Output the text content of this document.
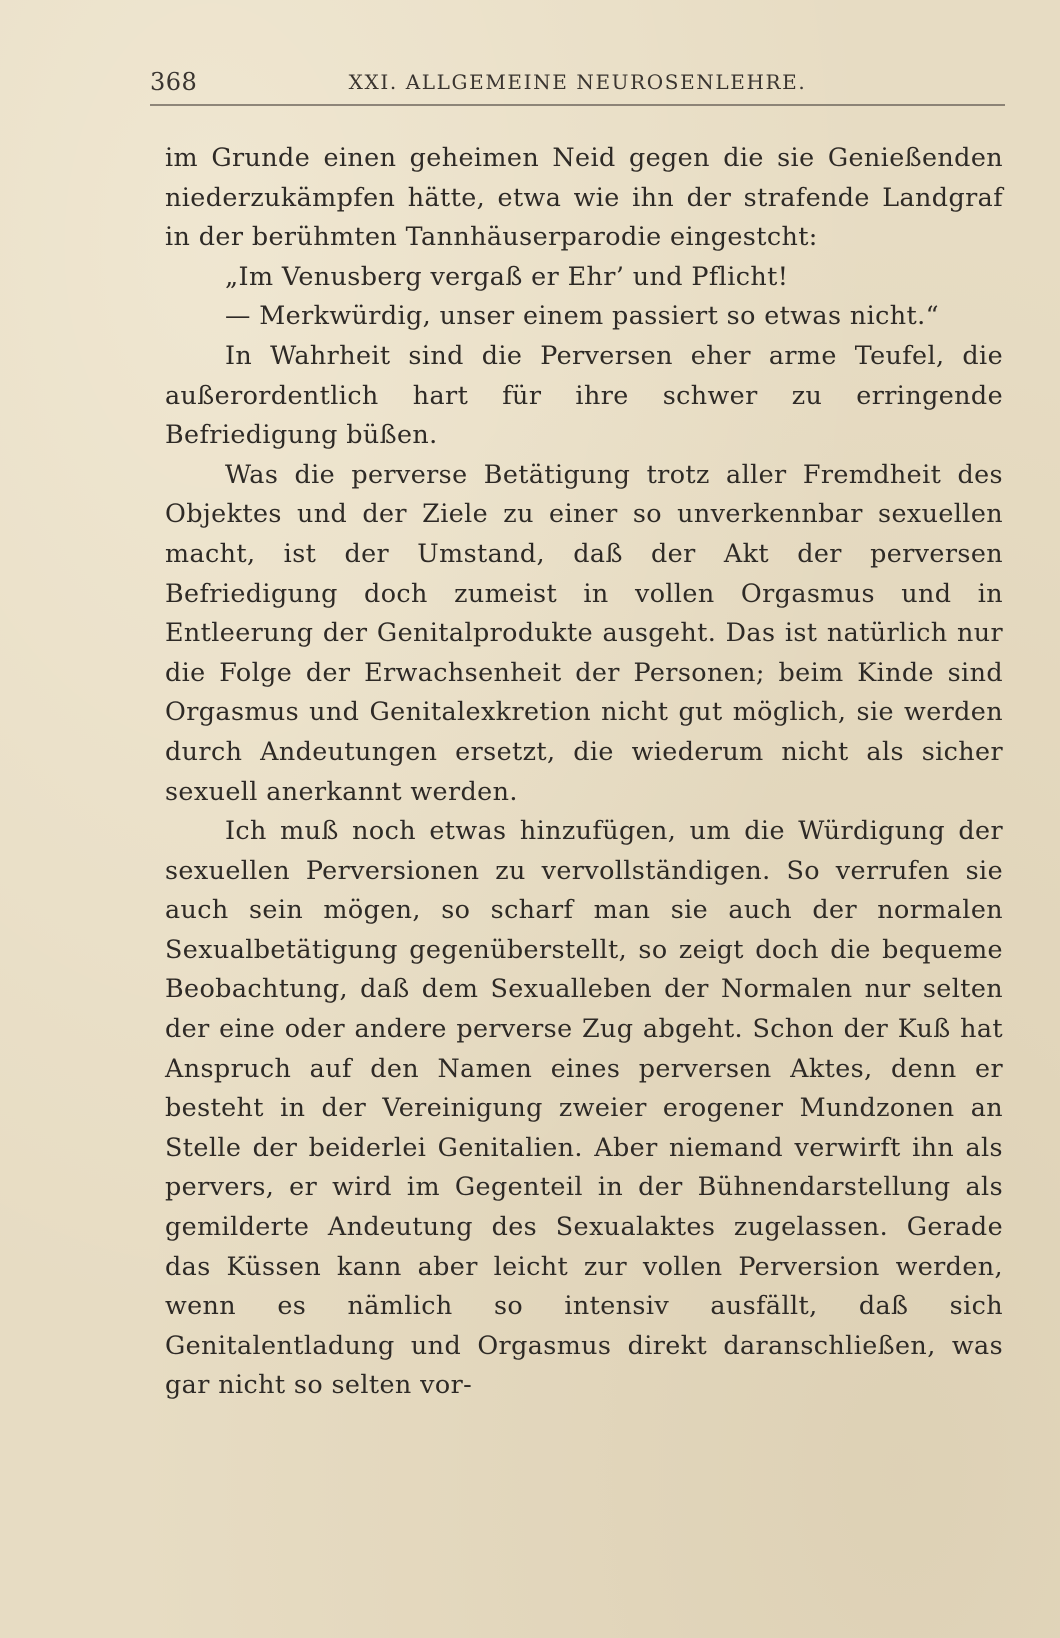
368	XXI. ALLGEMEINE NEUROSENLEHRE.

im Grunde einen geheimen Neid gegen die sie Genießenden niederzukämpfen hätte, etwa wie ihn der strafende Landgraf in der berühmten Tannhäuserparodie eingestcht:

„Im Venusberg vergaß er Ehr’ und Pflicht!

— Merkwürdig, unser einem passiert so etwas nicht.“

In Wahrheit sind die Perversen eher arme Teufel, die außerordentlich hart für ihre schwer zu erringende Befriedigung büßen.

Was die perverse Betätigung trotz aller Fremdheit des Objektes und der Ziele zu einer so unverkennbar sexuellen macht, ist der Umstand, daß der Akt der perversen Befriedigung doch zumeist in vollen Orgasmus und in Entleerung der Genitalprodukte ausgeht. Das ist natürlich nur die Folge der Erwachsenheit der Personen; beim Kinde sind Orgasmus und Genitalexkretion nicht gut möglich, sie werden durch Andeutungen ersetzt, die wiederum nicht als sicher sexuell anerkannt werden.

Ich muß noch etwas hinzufügen, um die Würdigung der sexuellen Perversionen zu vervollständigen. So verrufen sie auch sein mögen, so scharf man sie auch der normalen Sexualbetätigung gegenüberstellt, so zeigt doch die bequeme Beobachtung, daß dem Sexualleben der Normalen nur selten der eine oder andere perverse Zug abgeht. Schon der Kuß hat Anspruch auf den Namen eines perversen Aktes, denn er besteht in der Vereinigung zweier erogener Mundzonen an Stelle der beiderlei Genitalien. Aber niemand verwirft ihn als pervers, er wird im Gegenteil in der Bühnendarstellung als gemilderte Andeutung des Sexualaktes zugelassen. Gerade das Küssen kann aber leicht zur vollen Perversion werden, wenn es nämlich so intensiv ausfällt, daß sich Genitalentladung und Orgasmus direkt daranschließen, was gar nicht so selten vor-
